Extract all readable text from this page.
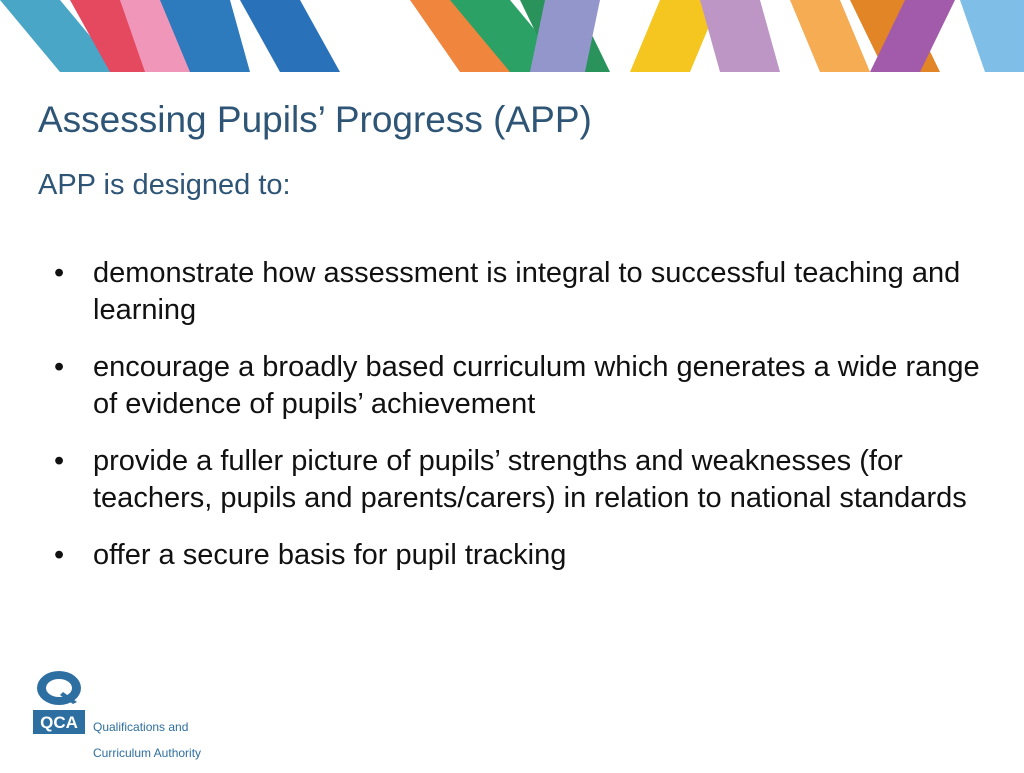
Assessing Pupils’ Progress (APP)
APP is designed to:
• demonstrate how assessment is integral to successful teaching and learning
• encourage a broadly based curriculum which generates a wide range of evidence of pupils’ achievement
• provide a fuller picture of pupils’ strengths and weaknesses (for teachers, pupils and parents/carers) in relation to national standards
• offer a secure basis for pupil tracking
QCA Qualifications and

Curriculum Authority
